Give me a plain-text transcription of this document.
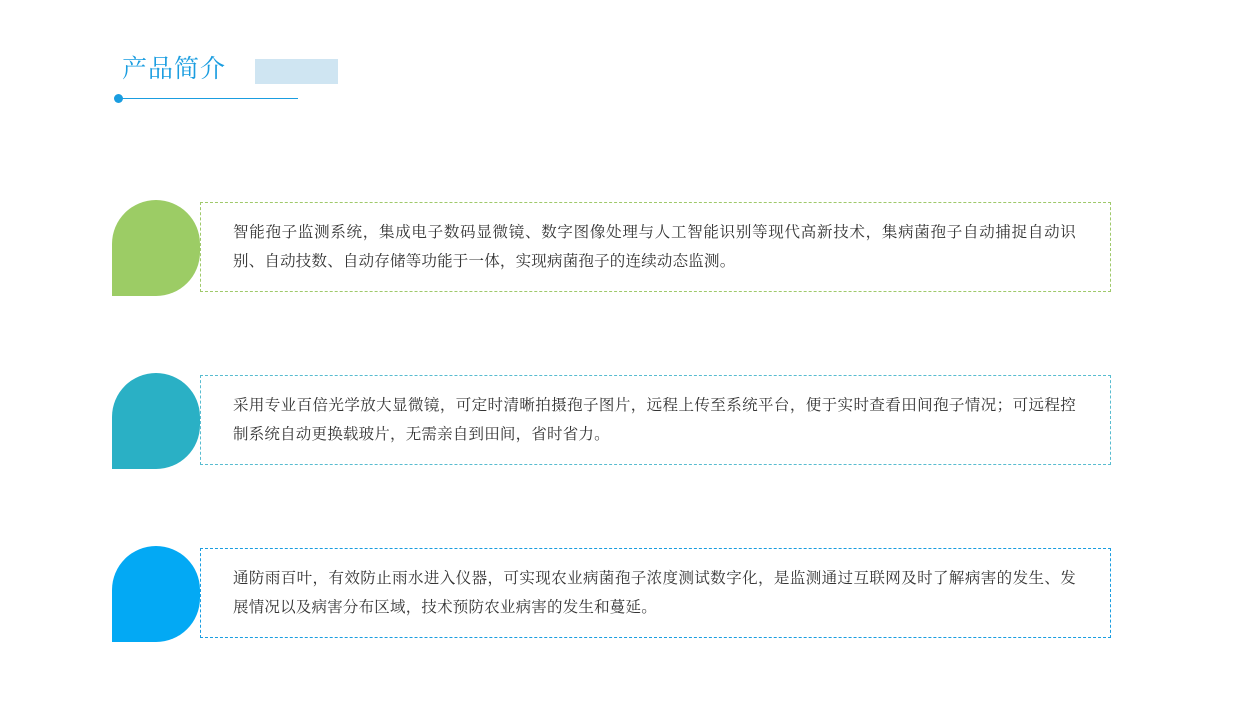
产品简介
智能孢子监测系统，集成电子数码显微镜、数字图像处理与人工智能识别等现代高新技术，集病菌孢子自动捕捉自动识别、自动技数、自动存储等功能于一体，实现病菌孢子的连续动态监测。
采用专业百倍光学放大显微镜，可定时清晰拍摄孢子图片，远程上传至系统平台，便于实时查看田间孢子情况；可远程控制系统自动更换载玻片，无需亲自到田间，省时省力。
通防雨百叶，有效防止雨水进入仪器，可实现农业病菌孢子浓度测试数字化，是监测通过互联网及时了解病害的发生、发展情况以及病害分布区域，技术预防农业病害的发生和蔓延。
